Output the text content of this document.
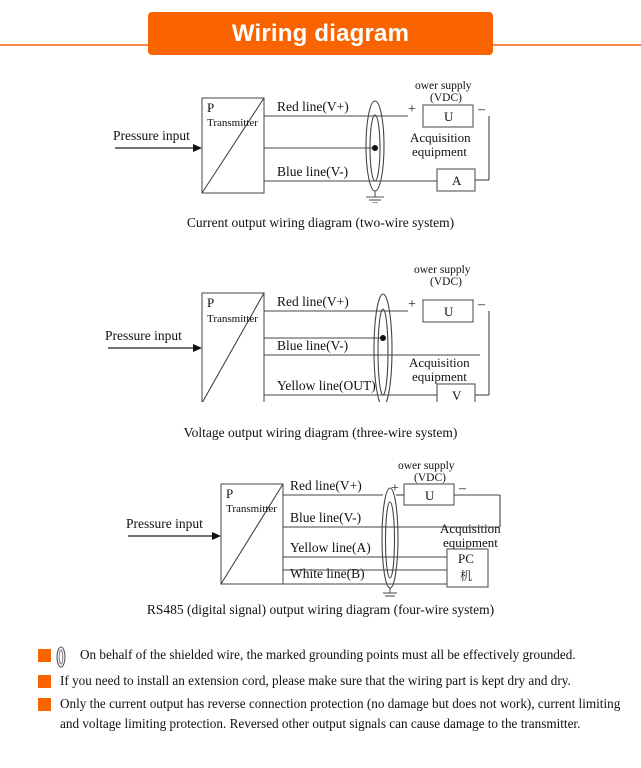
Wiring diagram
Pressure input
P
Transmitter
Red line(V+)
Blue line(V-)
ower supply
(VDC)
+ U –
Acquisition
equipment
A
Current output wiring diagram (two-wire system)
Pressure input
P
Transmitter
Red line(V+)
Blue line(V-)
Yellow line(OUT)
ower supply
(VDC)
+ U –
Acquisition
equipment
V
Voltage output wiring diagram (three-wire system)
Pressure input
P
Transmitter
Red line(V+)
Blue line(V-)
Yellow line(A)
White line(B)
ower supply
(VDC)
+ U –
Acquisition
equipment
PC
机
RS485 (digital signal) output wiring diagram (four-wire system)
On behalf of the shielded wire, the marked grounding points must all be effectively grounded.
If you need to install an extension cord, please make sure that the wiring part is kept dry and dry.
Only the current output has reverse connection protection (no damage but does not work), current limiting and voltage limiting protection. Reversed other output signals can cause damage to the transmitter.
